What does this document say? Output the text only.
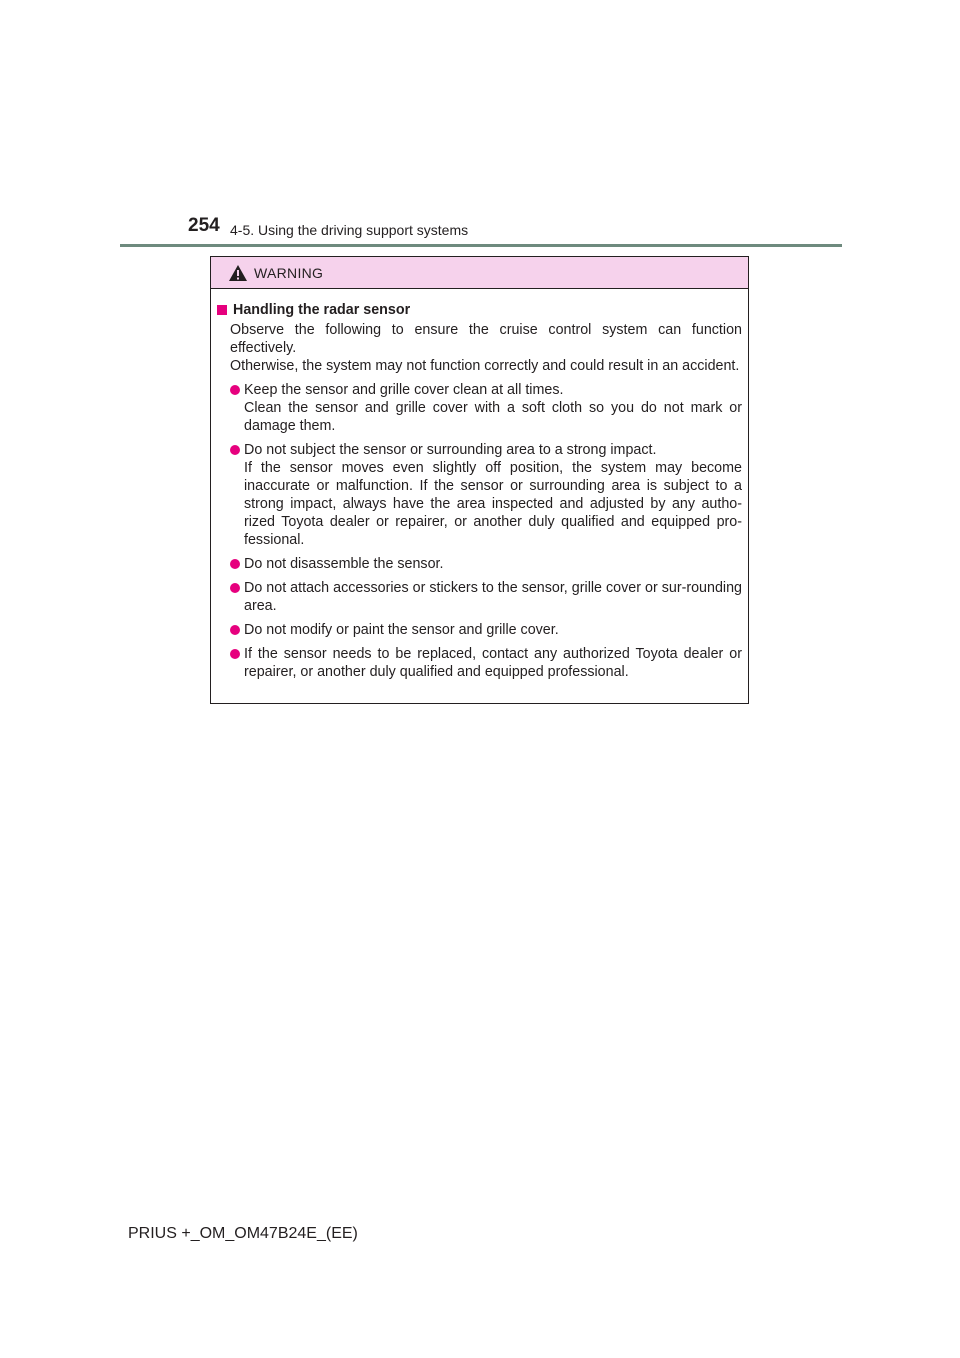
254 4-5. Using the driving support systems
WARNING
Handling the radar sensor
Observe the following to ensure the cruise control system can function effectively.
Otherwise, the system may not function correctly and could result in an accident.
Keep the sensor and grille cover clean at all times.
Clean the sensor and grille cover with a soft cloth so you do not mark or damage them.
Do not subject the sensor or surrounding area to a strong impact.
If the sensor moves even slightly off position, the system may become inaccurate or malfunction. If the sensor or surrounding area is subject to a strong impact, always have the area inspected and adjusted by any autho-rized Toyota dealer or repairer, or another duly qualified and equipped pro-fessional.
Do not disassemble the sensor.
Do not attach accessories or stickers to the sensor, grille cover or sur-rounding area.
Do not modify or paint the sensor and grille cover.
If the sensor needs to be replaced, contact any authorized Toyota dealer or repairer, or another duly qualified and equipped professional.
PRIUS +_OM_OM47B24E_(EE)
